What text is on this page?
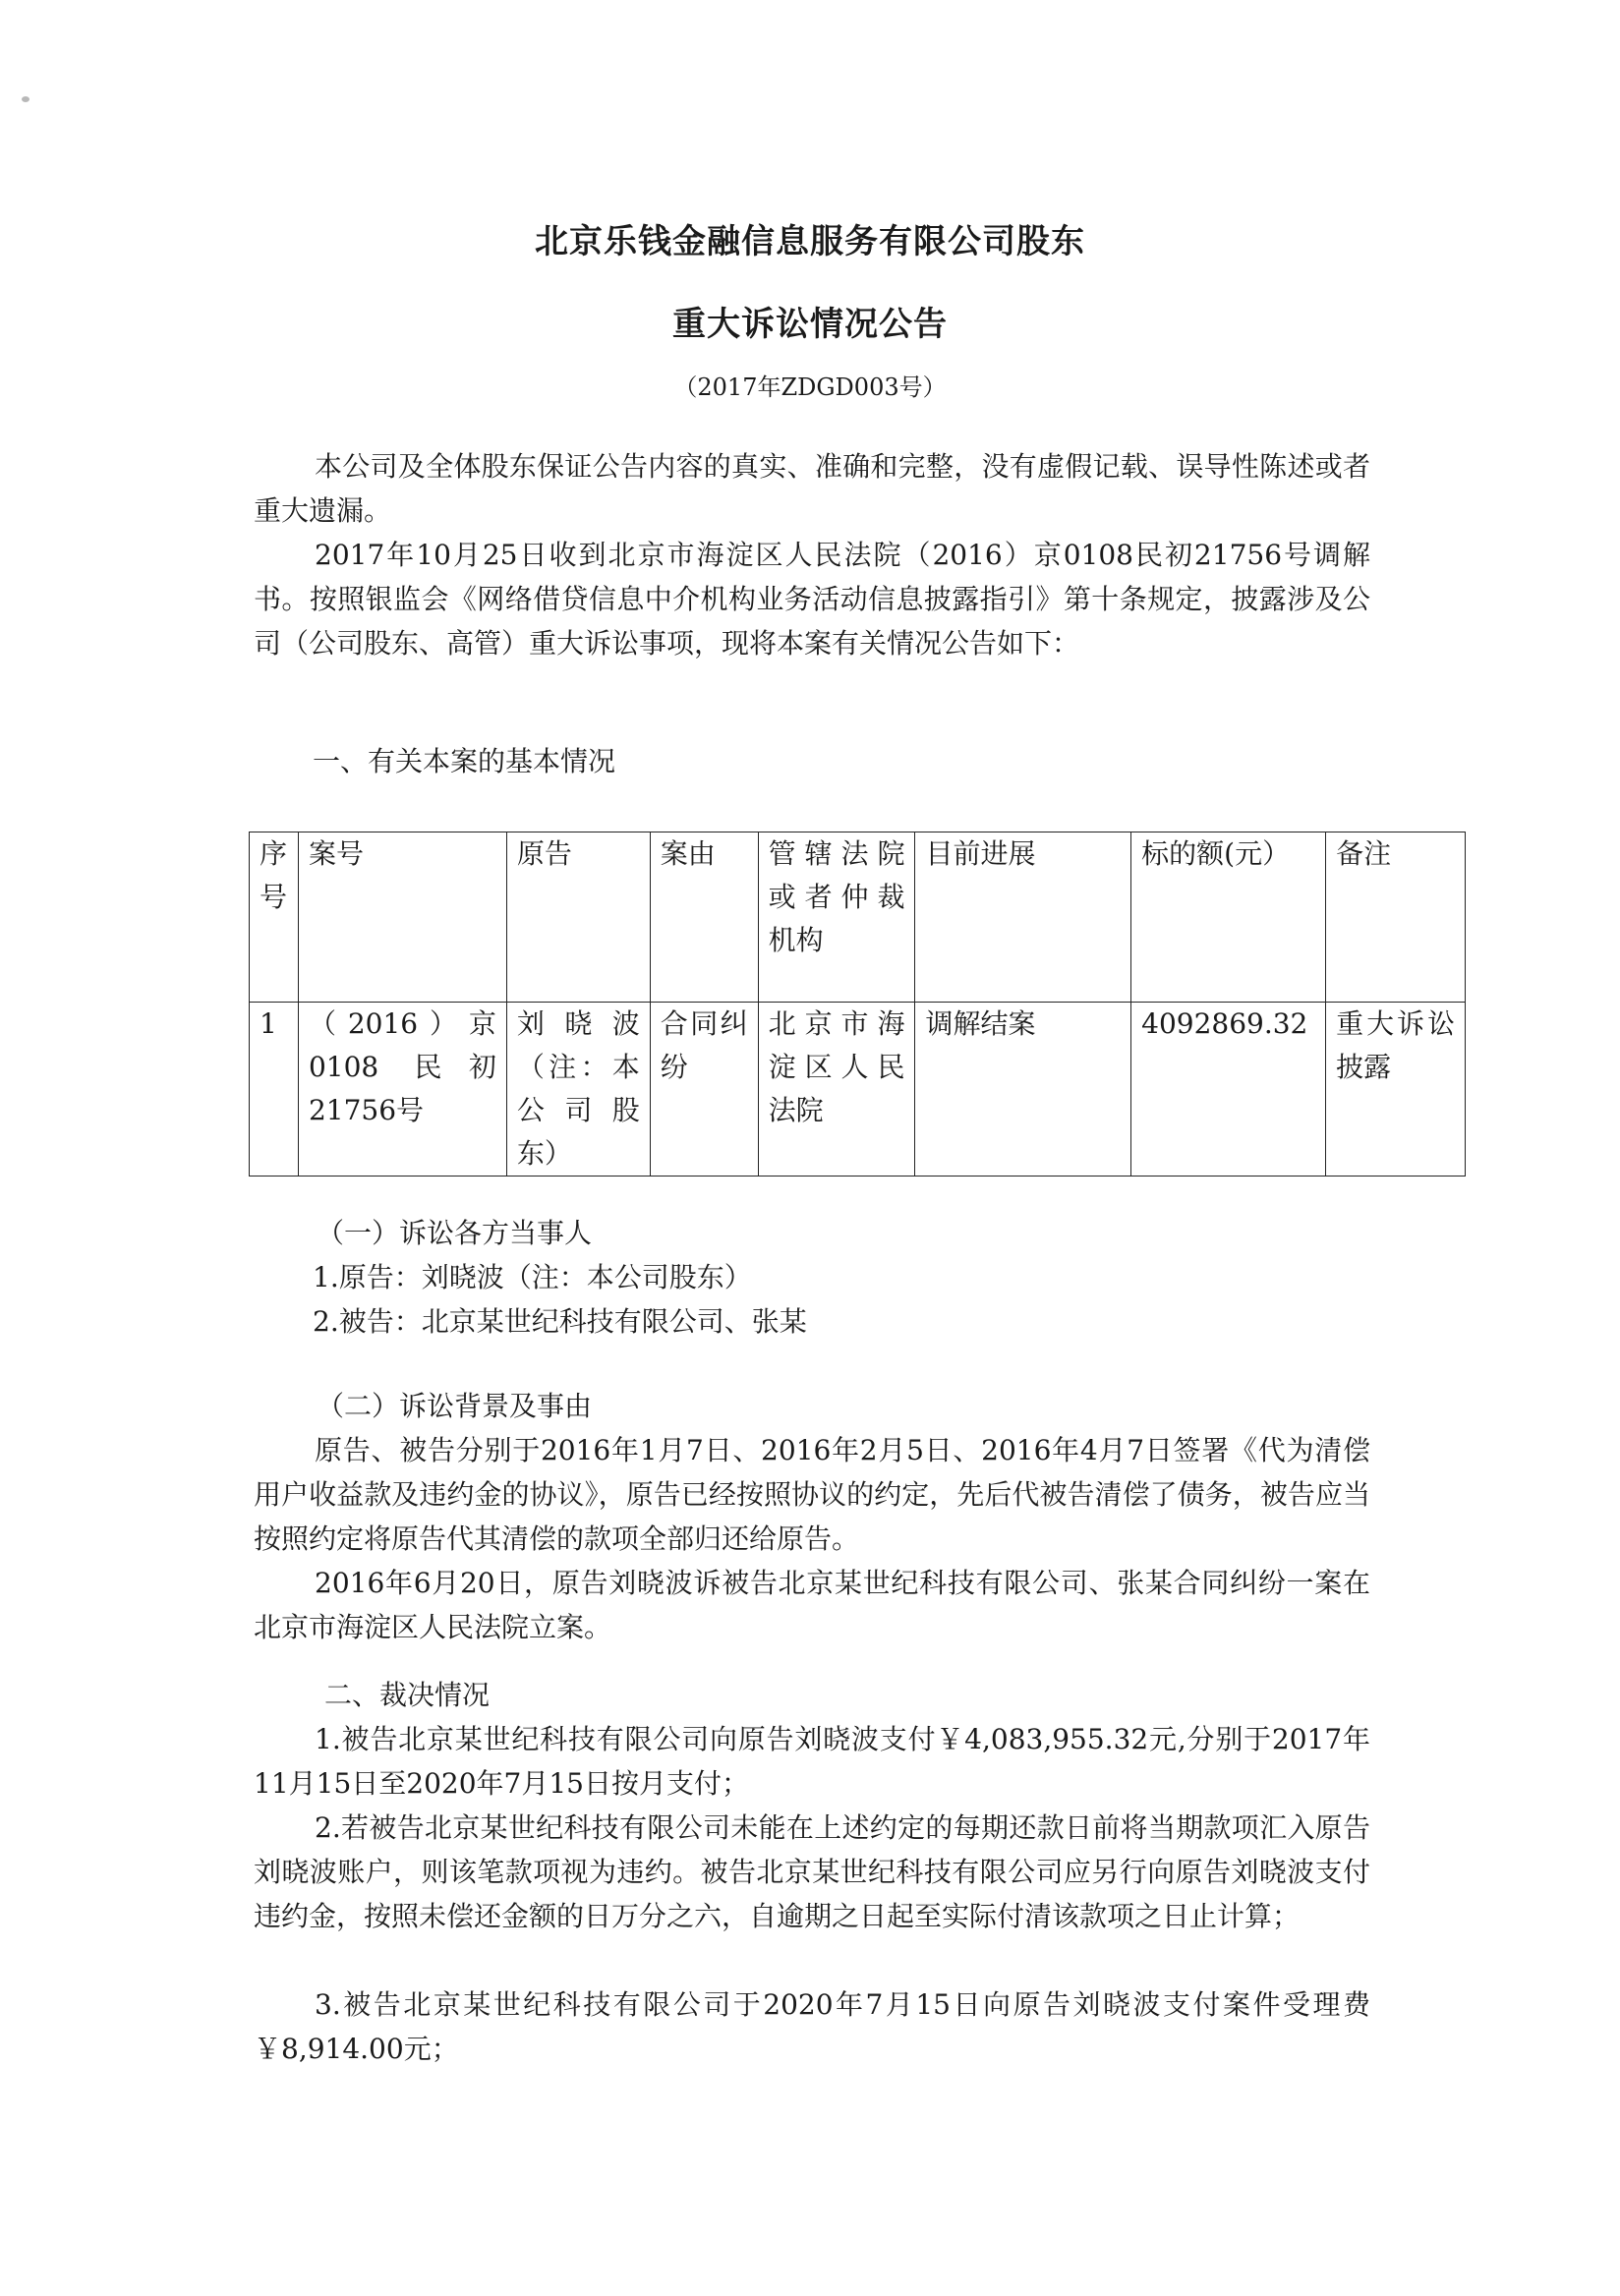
北京乐钱金融信息服务有限公司股东
重大诉讼情况公告
（2017年ZDGD003号）

本公司及全体股东保证公告内容的真实、准确和完整，没有虚假记载、误导性陈述或者重大遗漏。

2017年10月25日收到北京市海淀区人民法院（2016）京0108民初21756号调解书。按照银监会《网络借贷信息中介机构业务活动信息披露指引》第十条规定，披露涉及公司（公司股东、高管）重大诉讼事项，现将本案有关情况公告如下：

一、有关本案的基本情况

序号	案号	原告	案由	管辖法院或者仲裁机构	目前进展	标的额(元）	备注
1	（2016）京0108 民初21756号	刘晓波（注：本公司股东）	合同纠纷	北京市海淀区人民法院	调解结案	4092869.32	重大诉讼披露

（一）诉讼各方当事人

1.原告：刘晓波（注：本公司股东）

2.被告：北京某世纪科技有限公司、张某

（二）诉讼背景及事由

原告、被告分别于2016年1月7日、2016年2月5日、2016年4月7日签署《代为清偿用户收益款及违约金的协议》，原告已经按照协议的约定，先后代被告清偿了债务，被告应当按照约定将原告代其清偿的款项全部归还给原告。

2016年6月20日，原告刘晓波诉被告北京某世纪科技有限公司、张某合同纠纷一案在北京市海淀区人民法院立案。

二、裁决情况

1.被告北京某世纪科技有限公司向原告刘晓波支付￥4,083,955.32元,分别于2017年11月15日至2020年7月15日按月支付；

2.若被告北京某世纪科技有限公司未能在上述约定的每期还款日前将当期款项汇入原告刘晓波账户，则该笔款项视为违约。被告北京某世纪科技有限公司应另行向原告刘晓波支付违约金，按照未偿还金额的日万分之六，自逾期之日起至实际付清该款项之日止计算；

3.被告北京某世纪科技有限公司于2020年7月15日向原告刘晓波支付案件受理费￥8,914.00元；
